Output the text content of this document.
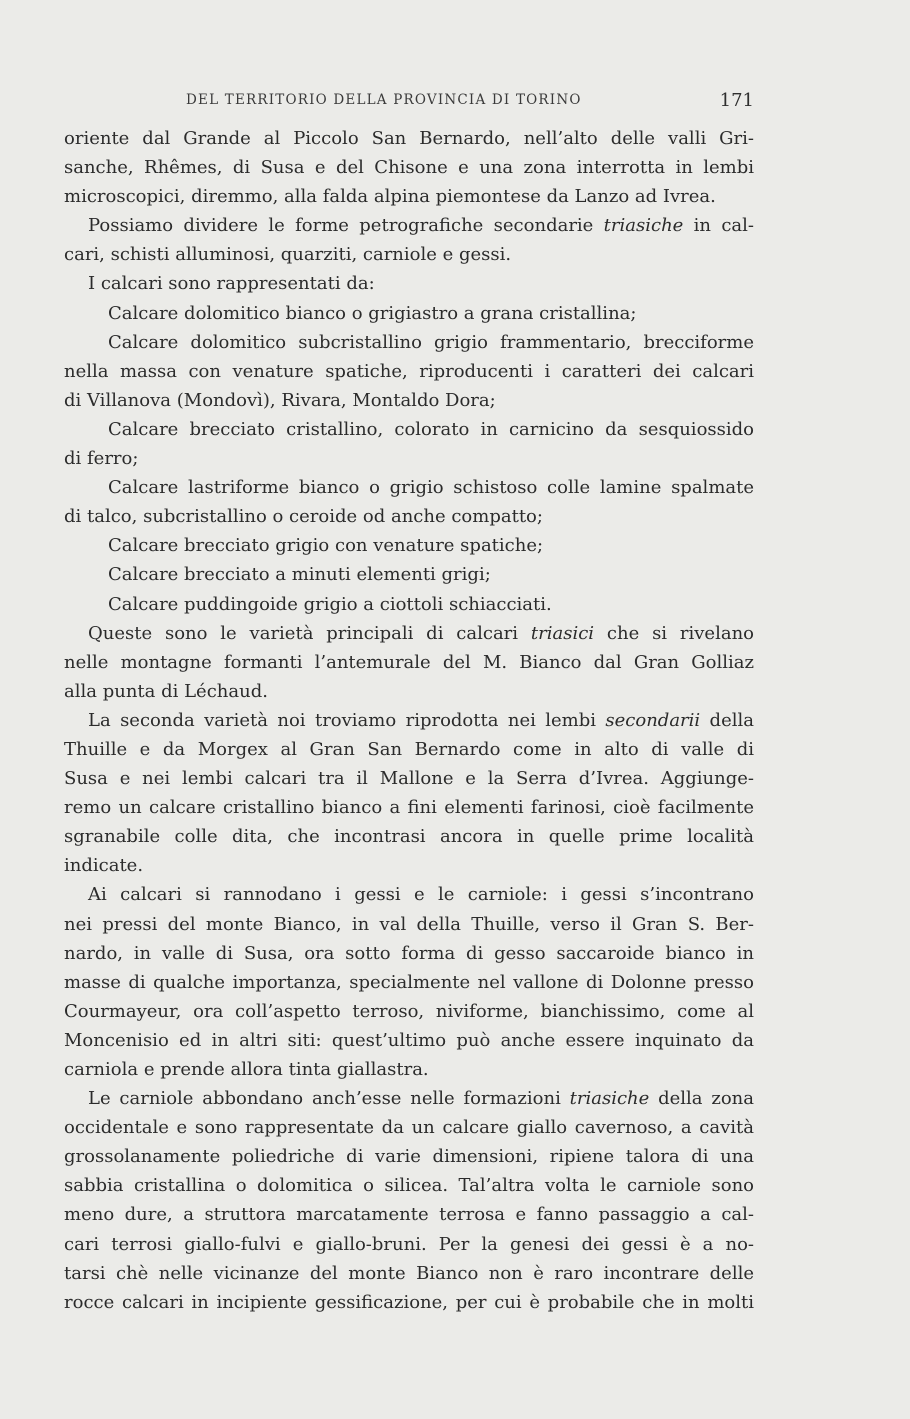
DEL TERRITORIO DELLA PROVINCIA DI TORINO	171
oriente dal Grande al Piccolo San Bernardo, nell’alto delle valli Gri-
sanche, Rhêmes, di Susa e del Chisone e una zona interrotta in lembi
microscopici, diremmo, alla falda alpina piemontese da Lanzo ad Ivrea.
Possiamo dividere le forme petrografiche secondarie triasiche in cal-
cari, schisti alluminosi, quarziti, carniole e gessi.
I calcari sono rappresentati da:
Calcare dolomitico bianco o grigiastro a grana cristallina;
Calcare dolomitico subcristallino grigio frammentario, brecciforme
nella massa con venature spatiche, riproducenti i caratteri dei calcari
di Villanova (Mondovì), Rivara, Montaldo Dora;
Calcare brecciato cristallino, colorato in carnicino da sesquiossido
di ferro;
Calcare lastriforme bianco o grigio schistoso colle lamine spalmate
di talco, subcristallino o ceroide od anche compatto;
Calcare brecciato grigio con venature spatiche;
Calcare brecciato a minuti elementi grigi;
Calcare puddingoide grigio a ciottoli schiacciati.
Queste sono le varietà principali di calcari triasici che si rivelano
nelle montagne formanti l’antemurale del M. Bianco dal Gran Golliaz
alla punta di Léchaud.
La seconda varietà noi troviamo riprodotta nei lembi secondarii della
Thuille e da Morgex al Gran San Bernardo come in alto di valle di
Susa e nei lembi calcari tra il Mallone e la Serra d’Ivrea. Aggiunge-
remo un calcare cristallino bianco a fini elementi farinosi, cioè facilmente
sgranabile colle dita, che incontrasi ancora in quelle prime località
indicate.
Ai calcari si rannodano i gessi e le carniole: i gessi s’incontrano
nei pressi del monte Bianco, in val della Thuille, verso il Gran S. Ber-
nardo, in valle di Susa, ora sotto forma di gesso saccaroide bianco in
masse di qualche importanza, specialmente nel vallone di Dolonne presso
Courmayeur, ora coll’aspetto terroso, niviforme, bianchissimo, come al
Moncenisio ed in altri siti: quest’ultimo può anche essere inquinato da
carniola e prende allora tinta giallastra.
Le carniole abbondano anch’esse nelle formazioni triasiche della zona
occidentale e sono rappresentate da un calcare giallo cavernoso, a cavità
grossolanamente poliedriche di varie dimensioni, ripiene talora di una
sabbia cristallina o dolomitica o silicea. Tal’altra volta le carniole sono
meno dure, a struttora marcatamente terrosa e fanno passaggio a cal-
cari terrosi giallo-fulvi e giallo-bruni. Per la genesi dei gessi è a no-
tarsi chè nelle vicinanze del monte Bianco non è raro incontrare delle
rocce calcari in incipiente gessificazione, per cui è probabile che in molti
